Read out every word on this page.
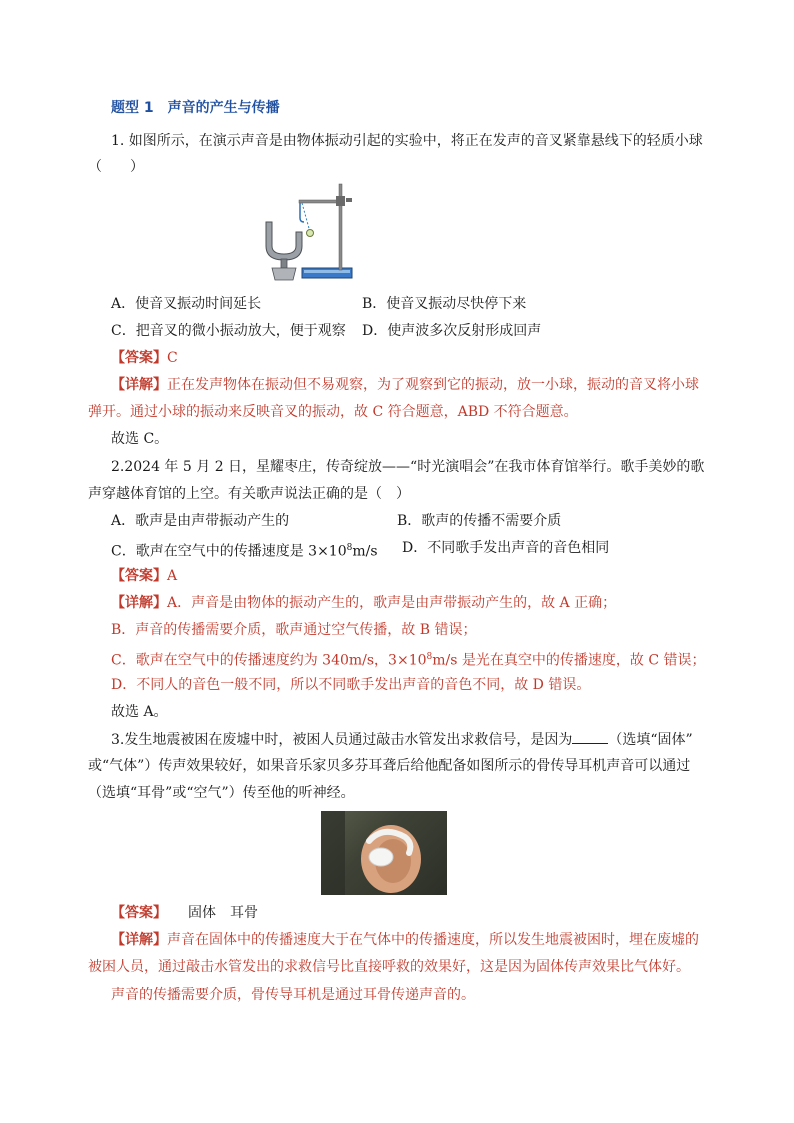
题型 1 声音的产生与传播
1. 如图所示，在演示声音是由物体振动引起的实验中，将正在发声的音叉紧靠悬线下的轻质小球
（　　）
A．使音叉振动时间延长	B．使音叉振动尽快停下来
C．把音叉的微小振动放大，便于观察 D．使声波多次反射形成回声
【答案】C
【详解】正在发声物体在振动但不易观察，为了观察到它的振动，放一小球，振动的音叉将小球
弹开。通过小球的振动来反映音叉的振动，故 C 符合题意，ABD 不符合题意。
故选 C。
2.2024 年 5 月 2 日，星耀枣庄，传奇绽放——“时光演唱会”在我市体育馆举行。歌手美妙的歌
声穿越体育馆的上空。有关歌声说法正确的是（　）
A．歌声是由声带振动产生的	B．歌声的传播不需要介质
C．歌声在空气中的传播速度是 $3\times 10^8m/s$ D．不同歌手发出声音的音色相同
【答案】A
【详解】A．声音是由物体的振动产生的，歌声是由声带振动产生的，故 A 正确；
B．声音的传播需要介质，歌声通过空气传播，故 B 错误；
C．歌声在空气中的传播速度约为 340m/s，$3\times 10^8m/s$ 是光在真空中的传播速度，故 C 错误；
D．不同人的音色一般不同，所以不同歌手发出声音的音色不同，故 D 错误。
故选 A。
3.发生地震被困在废墟中时，被困人员通过敲击水管发出求救信号，是因为	（选填“固体”
或“气体”）传声效果较好，如果音乐家贝多芬耳聋后给他配备如图所示的骨传导耳机声音可以通过
（选填“耳骨”或“空气”）传至他的听神经。
【答案】　　 固体　耳骨
【详解】声音在固体中的传播速度大于在气体中的传播速度，所以发生地震被困时，埋在废墟的
被困人员，通过敲击水管发出的求救信号比直接呼救的效果好，这是因为固体传声效果比气体好。
声音的传播需要介质，骨传导耳机是通过耳骨传递声音的。
